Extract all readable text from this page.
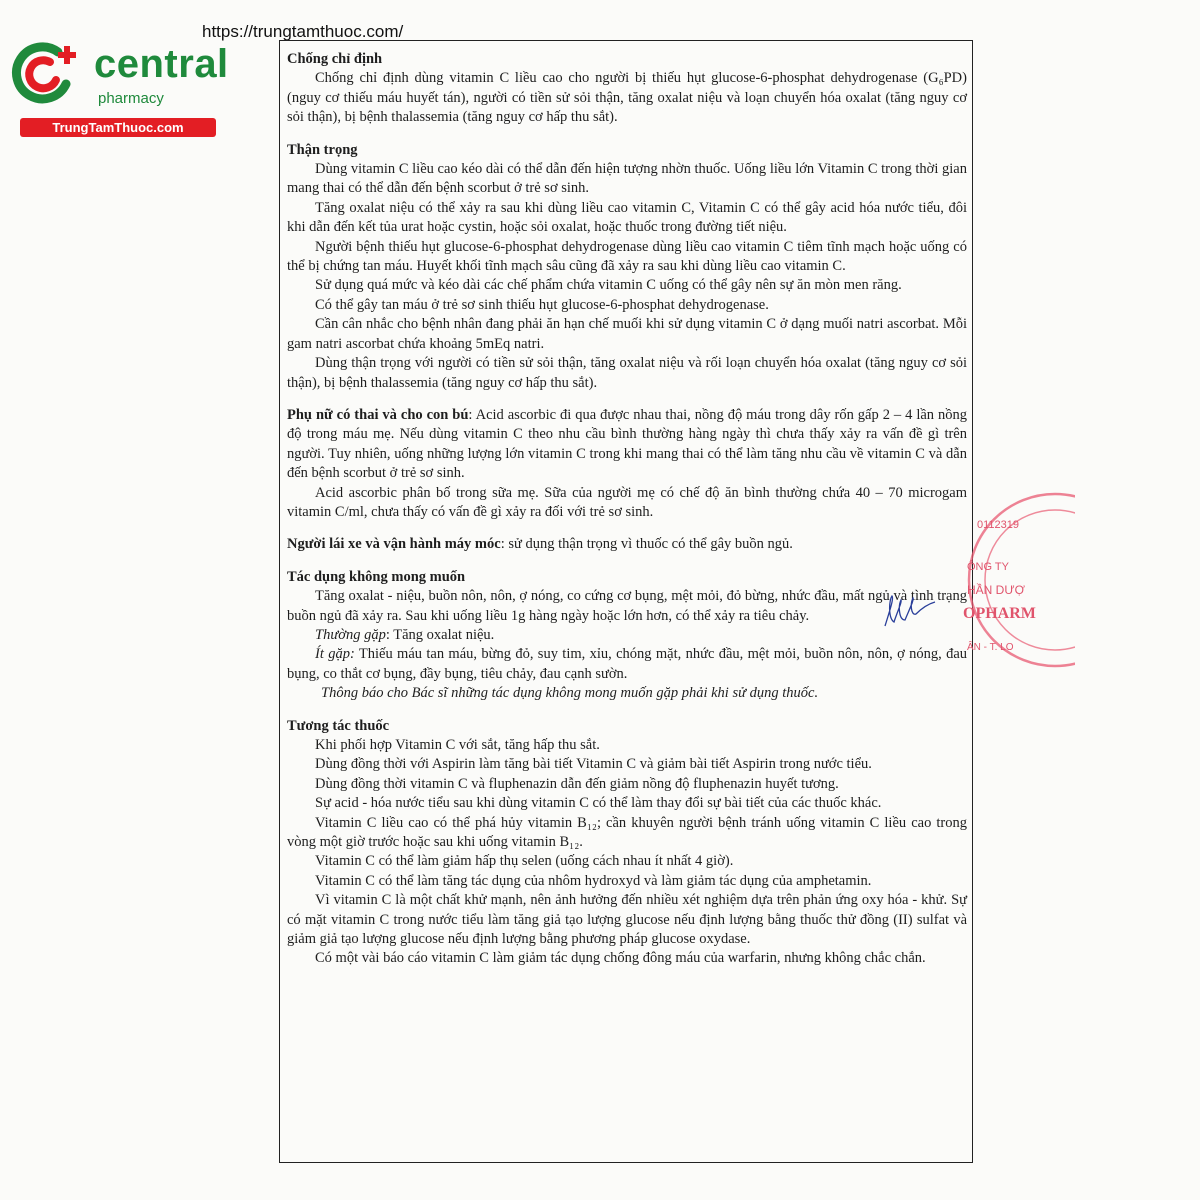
https://trungtamthuoc.com/
central
pharmacy
TrungTamThuoc.com
Chống chỉ định

Chống chỉ định dùng vitamin C liều cao cho người bị thiếu hụt glucose-6-phosphat dehydrogenase (G₆PD) (nguy cơ thiếu máu huyết tán), người có tiền sử sỏi thận, tăng oxalat niệu và loạn chuyển hóa oxalat (tăng nguy cơ sỏi thận), bị bệnh thalassemia (tăng nguy cơ hấp thu sắt).

Thận trọng

Dùng vitamin C liều cao kéo dài có thể dẫn đến hiện tượng nhờn thuốc. Uống liều lớn Vitamin C trong thời gian mang thai có thể dẫn đến bệnh scorbut ở trẻ sơ sinh.

Tăng oxalat niệu có thể xảy ra sau khi dùng liều cao vitamin C, Vitamin C có thể gây acid hóa nước tiểu, đôi khi dẫn đến kết tủa urat hoặc cystin, hoặc sỏi oxalat, hoặc thuốc trong đường tiết niệu.

Người bệnh thiếu hụt glucose-6-phosphat dehydrogenase dùng liều cao vitamin C tiêm tĩnh mạch hoặc uống có thể bị chứng tan máu. Huyết khối tĩnh mạch sâu cũng đã xảy ra sau khi dùng liều cao vitamin C.

Sử dụng quá mức và kéo dài các chế phẩm chứa vitamin C uống có thể gây nên sự ăn mòn men răng.

Có thể gây tan máu ở trẻ sơ sinh thiếu hụt glucose-6-phosphat dehydrogenase.

Cần cân nhắc cho bệnh nhân đang phải ăn hạn chế muối khi sử dụng vitamin C ở dạng muối natri ascorbat. Mỗi gam natri ascorbat chứa khoảng 5mEq natri.

Dùng thận trọng với người có tiền sử sỏi thận, tăng oxalat niệu và rối loạn chuyển hóa oxalat (tăng nguy cơ sỏi thận), bị bệnh thalassemia (tăng nguy cơ hấp thu sắt).

Phụ nữ có thai và cho con bú: Acid ascorbic đi qua được nhau thai, nồng độ máu trong dây rốn gấp 2 – 4 lần nồng độ trong máu mẹ. Nếu dùng vitamin C theo nhu cầu bình thường hàng ngày thì chưa thấy xảy ra vấn đề gì trên người. Tuy nhiên, uống những lượng lớn vitamin C trong khi mang thai có thể làm tăng nhu cầu về vitamin C và dẫn đến bệnh scorbut ở trẻ sơ sinh.

Acid ascorbic phân bố trong sữa mẹ. Sữa của người mẹ có chế độ ăn bình thường chứa 40 – 70 microgam vitamin C/ml, chưa thấy có vấn đề gì xảy ra đối với trẻ sơ sinh.

Người lái xe và vận hành máy móc: sử dụng thận trọng vì thuốc có thể gây buồn ngủ.

Tác dụng không mong muốn

Tăng oxalat - niệu, buồn nôn, nôn, ợ nóng, co cứng cơ bụng, mệt mỏi, đỏ bừng, nhức đầu, mất ngủ và tình trạng buồn ngủ đã xảy ra. Sau khi uống liều 1g hàng ngày hoặc lớn hơn, có thể xảy ra tiêu chảy.

Thường gặp: Tăng oxalat niệu.

Ít gặp: Thiếu máu tan máu, bừng đỏ, suy tim, xỉu, chóng mặt, nhức đầu, mệt mỏi, buồn nôn, nôn, ợ nóng, đau bụng, co thắt cơ bụng, đầy bụng, tiêu chảy, đau cạnh sườn.

Thông báo cho Bác sĩ những tác dụng không mong muốn gặp phải khi sử dụng thuốc.

Tương tác thuốc

Khi phối hợp Vitamin C với sắt, tăng hấp thu sắt.

Dùng đồng thời với Aspirin làm tăng bài tiết Vitamin C và giảm bài tiết Aspirin trong nước tiểu.

Dùng đồng thời vitamin C và fluphenazin dẫn đến giảm nồng độ fluphenazin huyết tương.

Sự acid - hóa nước tiểu sau khi dùng vitamin C có thể làm thay đổi sự bài tiết của các thuốc khác.

Vitamin C liều cao có thể phá hủy vitamin B₁₂; cần khuyên người bệnh tránh uống vitamin C liều cao trong vòng một giờ trước hoặc sau khi uống vitamin B₁₂.

Vitamin C có thể làm giảm hấp thụ selen (uống cách nhau ít nhất 4 giờ).

Vitamin C có thể làm tăng tác dụng của nhôm hydroxyd và làm giảm tác dụng của amphetamin.

Vì vitamin C là một chất khử mạnh, nên ảnh hưởng đến nhiều xét nghiệm dựa trên phản ứng oxy hóa - khử. Sự có mặt vitamin C trong nước tiểu làm tăng giả tạo lượng glucose nếu định lượng bằng thuốc thử đồng (II) sulfat và giảm giả tạo lượng glucose nếu định lượng bằng phương pháp glucose oxydase.

Có một vài báo cáo vitamin C làm giảm tác dụng chống đông máu của warfarin, nhưng không chắc chắn.

0112319
ÔNG TY
HẦN DƯỢ
OPHARM
ÂN - T. LO
